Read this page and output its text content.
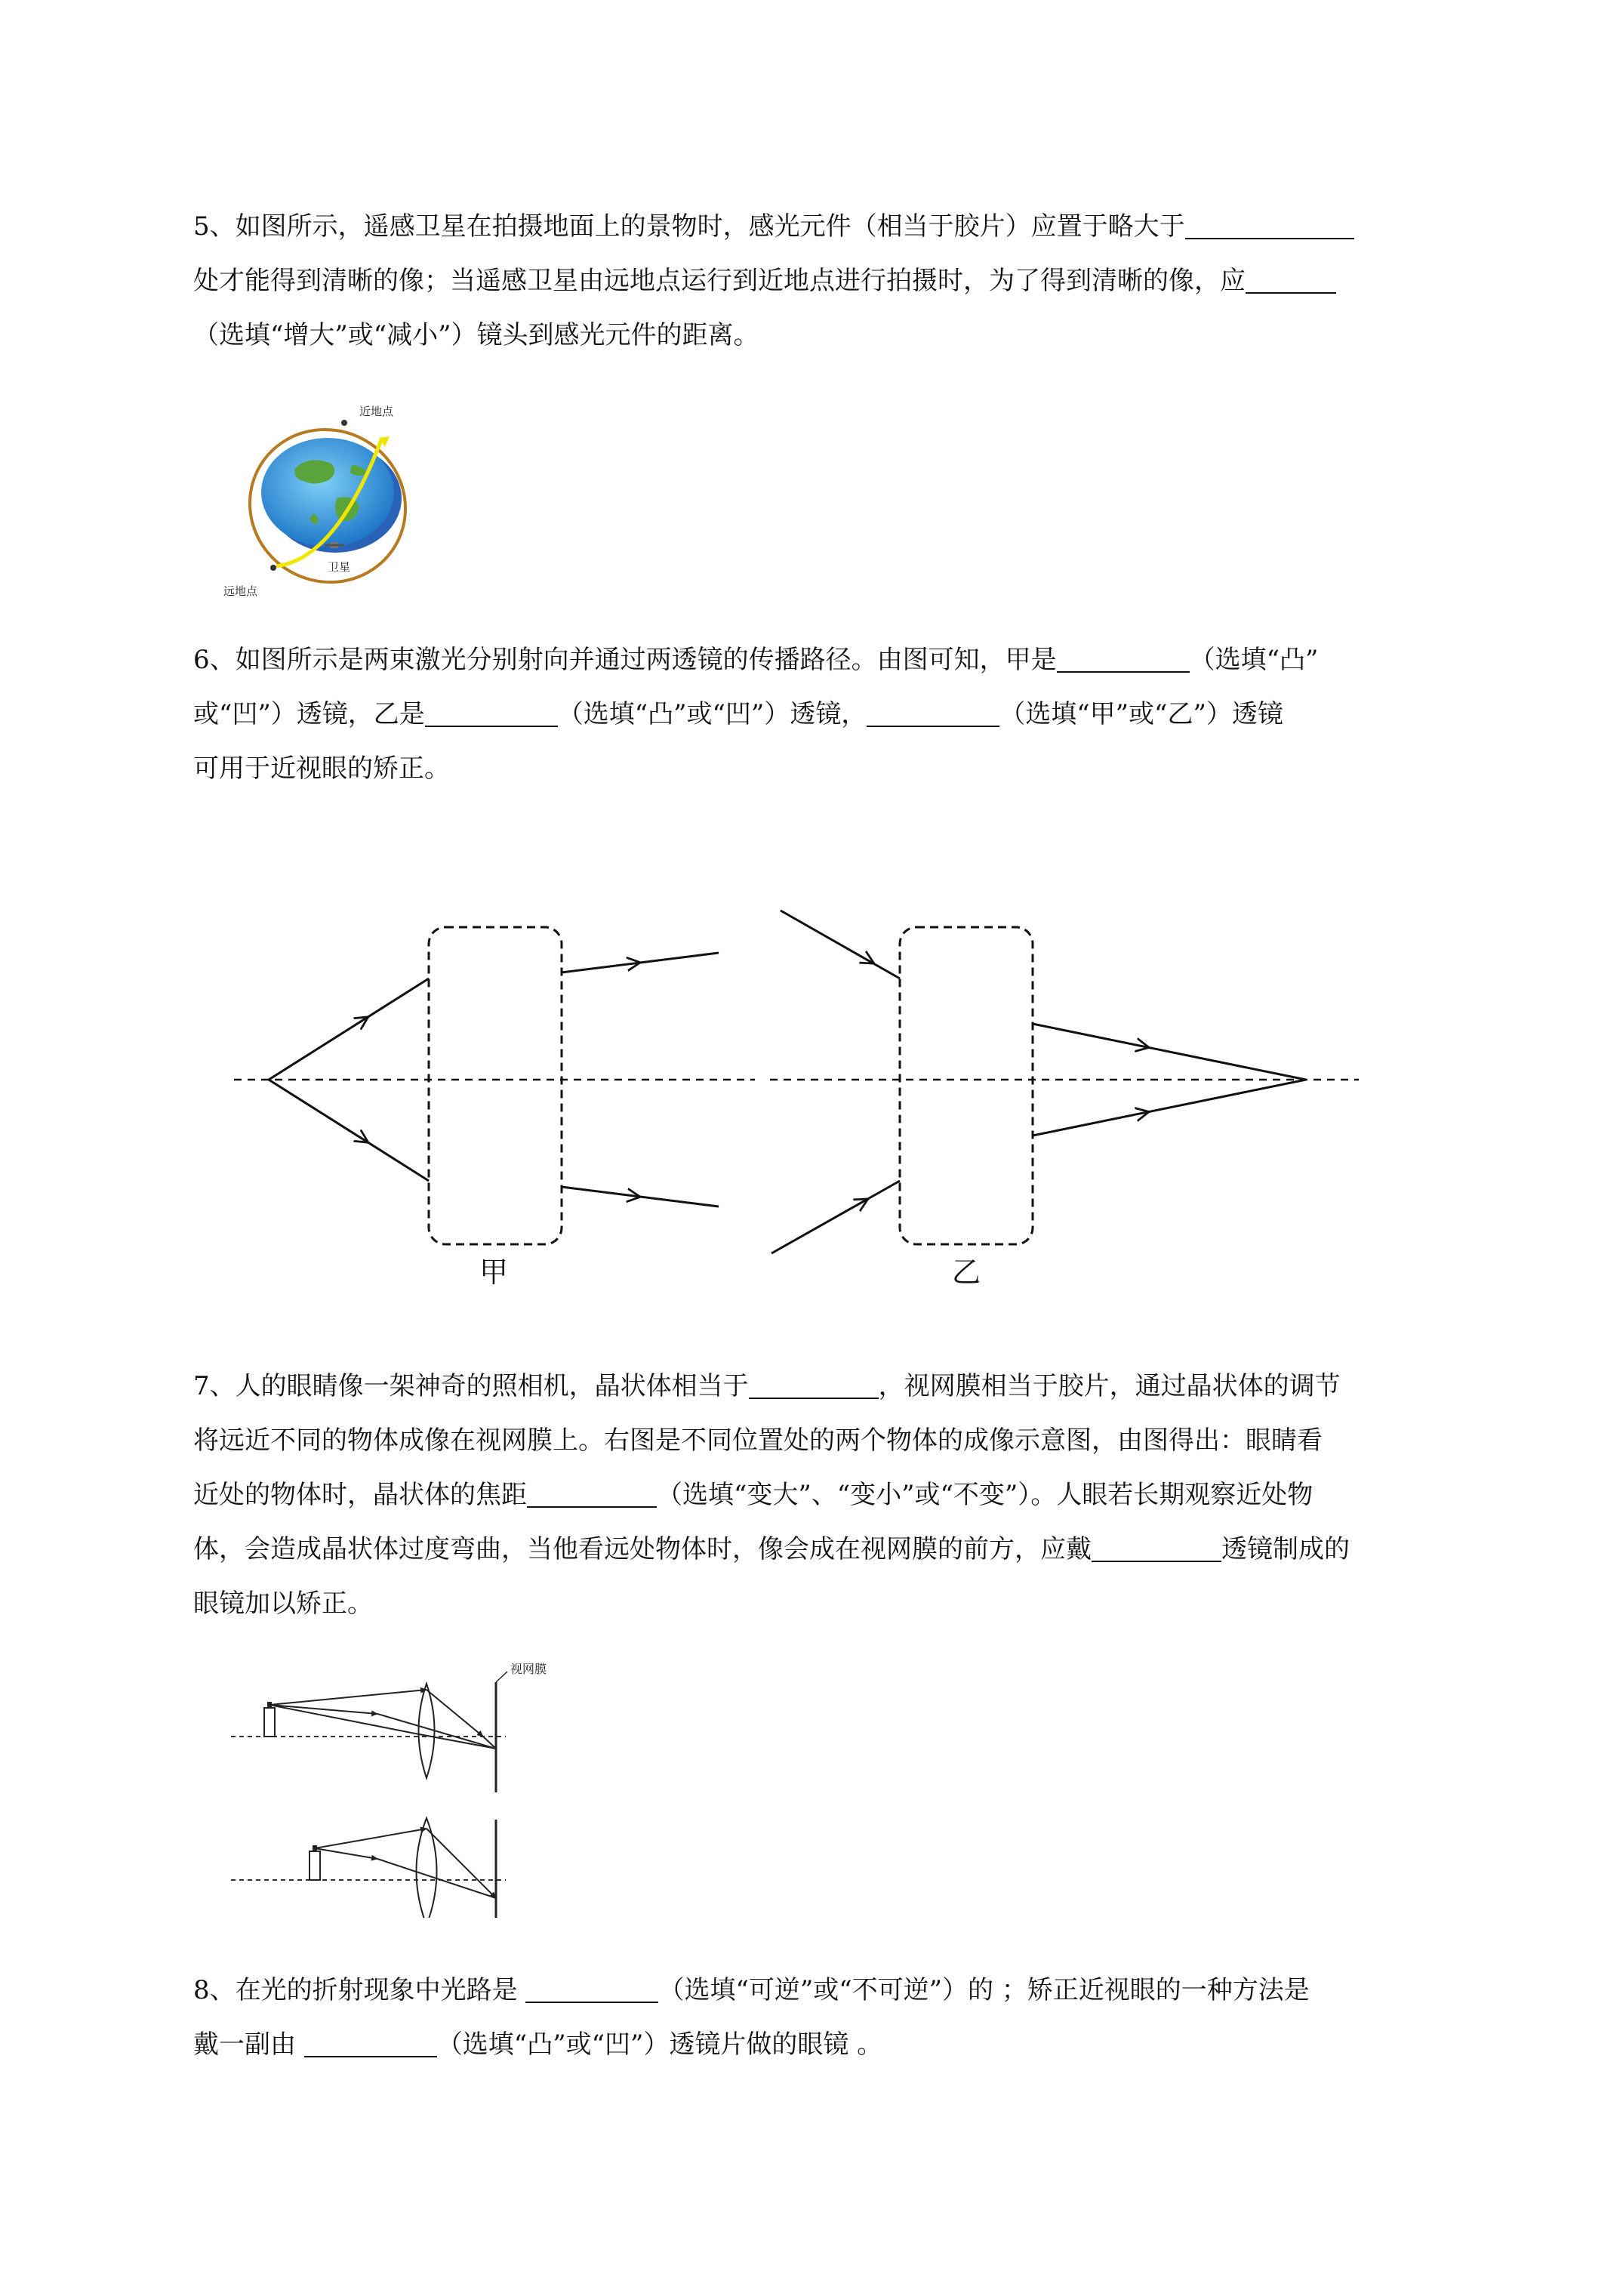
5、如图所示，遥感卫星在拍摄地面上的景物时，感光元件（相当于胶片）应置于略大于
处才能得到清晰的像；当遥感卫星由远地点运行到近地点进行拍摄时，为了得到清晰的像，应
（选填“增大”或“减小”）镜头到感光元件的距离。
近地点
远地点
卫星
6、如图所示是两束激光分别射向并通过两透镜的传播路径。由图可知，甲是	（选填“凸”
或“凹”）透镜，乙是	（选填“凸”或“凹”）透镜，	（选填“甲”或“乙”）透镜
可用于近视眼的矫正。
甲	乙
7、人的眼睛像一架神奇的照相机，晶状体相当于	，视网膜相当于胶片，通过晶状体的调节
将远近不同的物体成像在视网膜上。右图是不同位置处的两个物体的成像示意图，由图得出：眼睛看
近处的物体时，晶状体的焦距	（选填“变大”、“变小”或“不变”）。人眼若长期观察近处物
体，会造成晶状体过度弯曲，当他看远处物体时，像会成在视网膜的前方，应戴	透镜制成的
眼镜加以矫正。
视网膜
8、在光的折射现象中光路是	（选填“可逆”或“不可逆”）的 ；矫正近视眼的一种方法是
戴一副由	（选填“凸”或“凹”）透镜片做的眼镜 。
